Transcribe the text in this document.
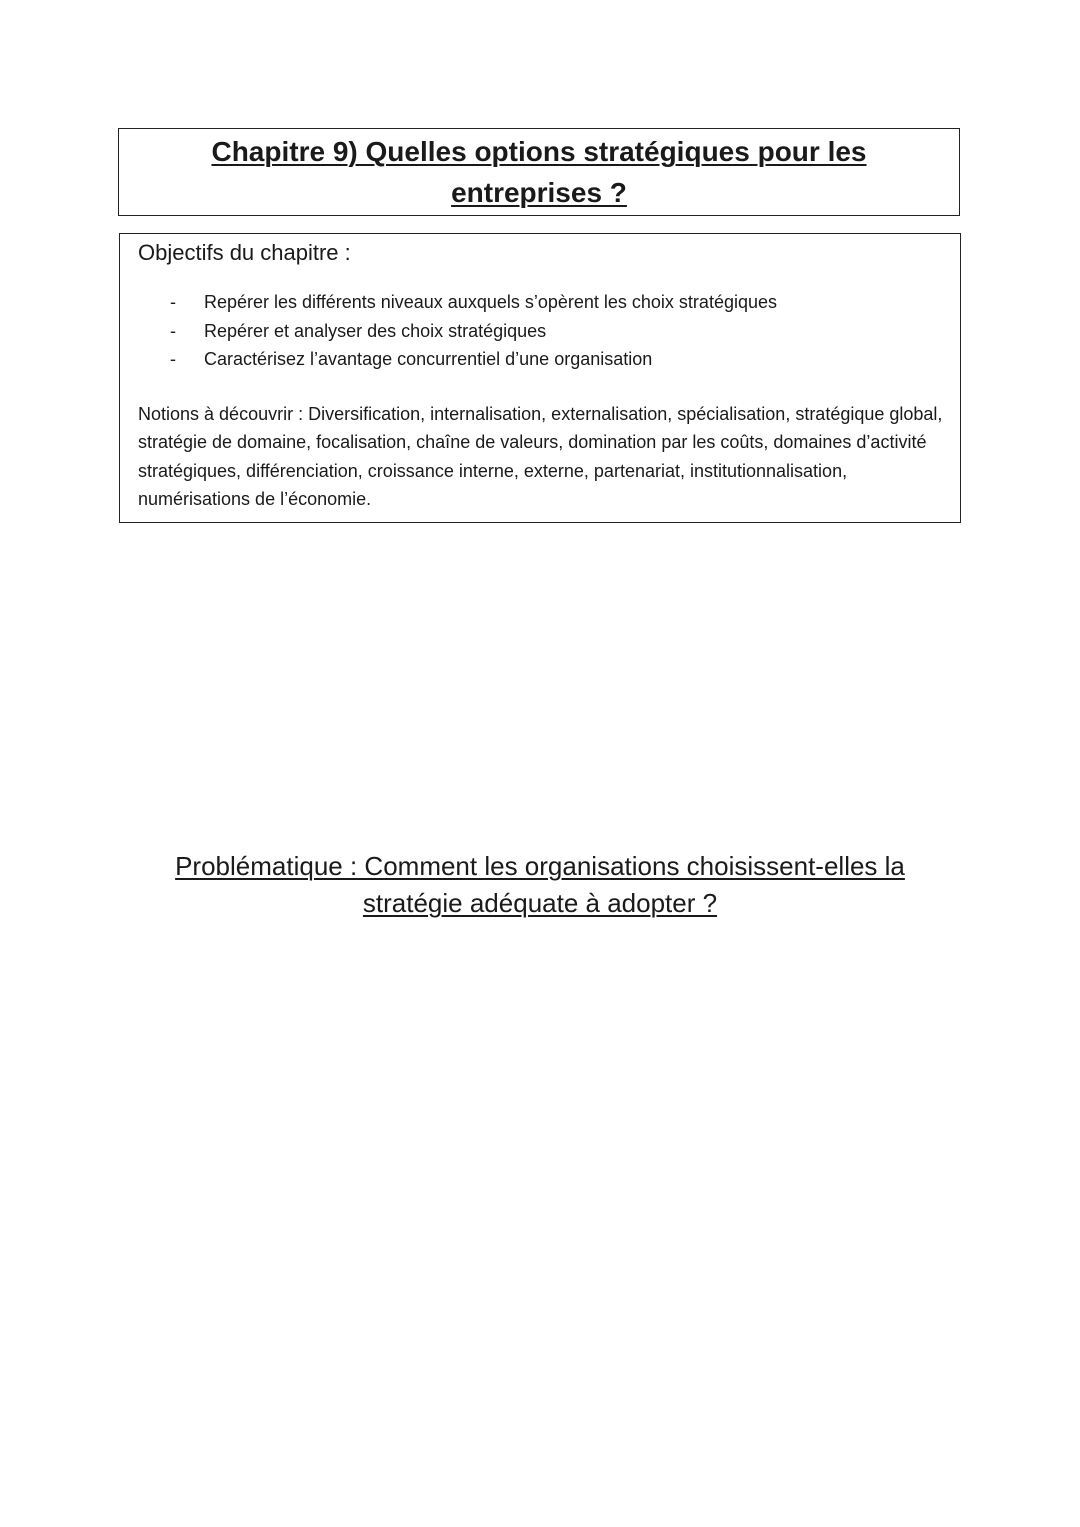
Chapitre 9) Quelles options stratégiques pour les entreprises ?
Objectifs du chapitre :
-	Repérer les différents niveaux auxquels s’opèrent les choix stratégiques
-	Repérer et analyser des choix stratégiques
-	Caractérisez l’avantage concurrentiel d’une organisation
Notions à découvrir : Diversification, internalisation, externalisation, spécialisation, stratégique global, stratégie de domaine, focalisation, chaîne de valeurs, domination par les coûts, domaines d’activité stratégiques, différenciation, croissance interne, externe, partenariat, institutionnalisation, numérisations de l’économie.
Problématique : Comment les organisations choisissent-elles la stratégie adéquate à adopter ?
